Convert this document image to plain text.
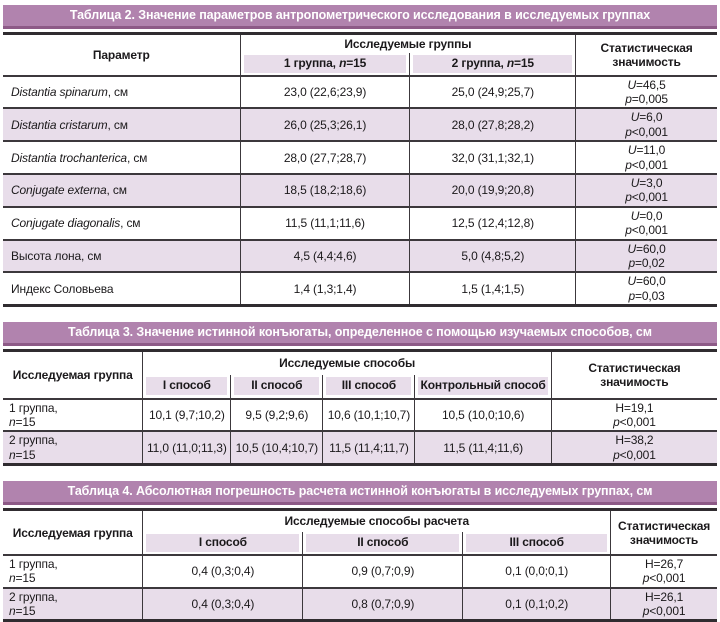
Таблица 2. Значение параметров антропометрического исследования в исследуемых группах
Параметр	Исследуемые группы		Статистическая значимость

	1 группа, n=15	2 группа, n=15	

Distantia spinarum, см	23,0 (22,6;23,9)	25,0 (24,9;25,7)	U=46,5
p=0,005

Distantia cristarum, см	26,0 (25,3;26,1)	28,0 (27,8;28,2)	U=6,0
p<0,001

Distantia trochanterica, см	28,0 (27,7;28,7)	32,0 (31,1;32,1)	U=11,0
p<0,001

Conjugate externa, см	18,5 (18,2;18,6)	20,0 (19,9;20,8)	U=3,0
p<0,001

Conjugate diagonalis, см	11,5 (11,1;11,6)	12,5 (12,4;12,8)	U=0,0
p<0,001

Высота лона, см	4,5 (4,4;4,6)	5,0 (4,8;5,2)	U=60,0
p=0,02

Индекс Соловьева	1,4 (1,3;1,4)	1,5 (1,4;1,5)	U=60,0
p=0,03
Таблица 3. Значение истинной конъюгаты, определенное с помощью изучаемых способов, см
Исследуемая группа	Исследуемые способы				Статистическая значимость

	I способ	II способ	III способ	Контрольный способ	

1 группа,
n=15	10,1 (9,7;10,2)	9,5 (9,2;9,6)	10,6 (10,1;10,7)	10,5 (10,0;10,6)	
H=19,1
p<0,001

2 группа,
n=15	11,0 (11,0;11,3)	10,5 (10,4;10,7)	11,5 (11,4;11,7)	11,5 (11,4;11,6)	
H=38,2
p<0,001
Таблица 4. Абсолютная погрешность расчета истинной конъюгаты в исследуемых группах, см
Исследуемая группа	Исследуемые способы расчета			Статистическая значимость

	I способ	II способ	III способ	

1 группа,
n=15	0,4 (0,3;0,4)	0,9 (0,7;0,9)	0,1 (0,0;0,1)	
H=26,7
p<0,001

2 группа,
n=15	0,4 (0,3;0,4)	0,8 (0,7;0,9)	0,1 (0,1;0,2)	
H=26,1
p<0,001
